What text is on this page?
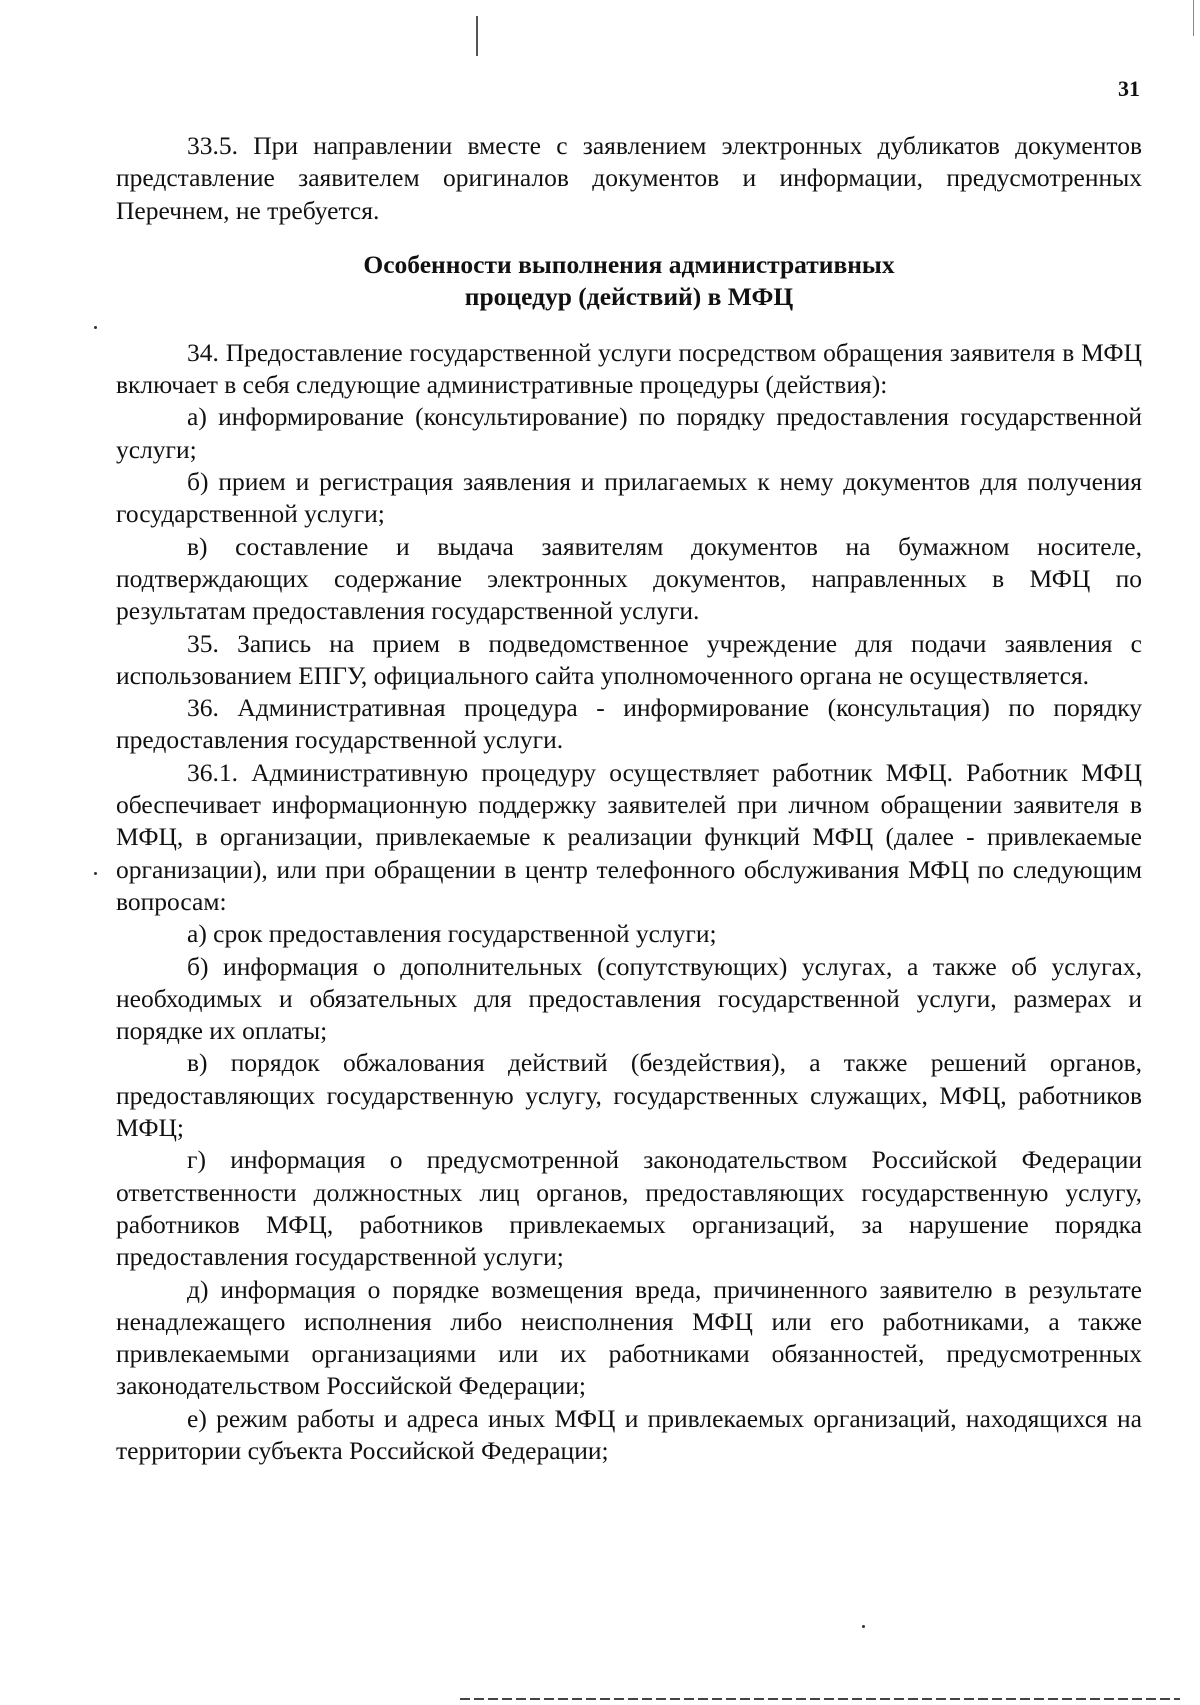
31

33.5. При направлении вместе с заявлением электронных дубликатов документов представление заявителем оригиналов документов и информации, предусмотренных Перечнем, не требуется.

Особенности выполнения административных
процедур (действий) в МФЦ

34. Предоставление государственной услуги посредством обращения заявителя в МФЦ включает в себя следующие административные процедуры (действия):

а) информирование (консультирование) по порядку предоставления государственной услуги;

б) прием и регистрация заявления и прилагаемых к нему документов для получения государственной услуги;

в) составление и выдача заявителям документов на бумажном носителе, подтверждающих содержание электронных документов, направленных в МФЦ по результатам предоставления государственной услуги.

35. Запись на прием в подведомственное учреждение для подачи заявления с использованием ЕПГУ, официального сайта уполномоченного органа не осуществляется.

36. Административная процедура - информирование (консультация) по порядку предоставления государственной услуги.

36.1. Административную процедуру осуществляет работник МФЦ. Работник МФЦ обеспечивает информационную поддержку заявителей при личном обращении заявителя в МФЦ, в организации, привлекаемые к реализации функций МФЦ (далее - привлекаемые организации), или при обращении в центр телефонного обслуживания МФЦ по следующим вопросам:

а) срок предоставления государственной услуги;

б) информация о дополнительных (сопутствующих) услугах, а также об услугах, необходимых и обязательных для предоставления государственной услуги, размерах и порядке их оплаты;

в) порядок обжалования действий (бездействия), а также решений органов, предоставляющих государственную услугу, государственных служащих, МФЦ, работников МФЦ;

г) информация о предусмотренной законодательством Российской Федерации ответственности должностных лиц органов, предоставляющих государственную услугу, работников МФЦ, работников привлекаемых организаций, за нарушение порядка предоставления государственной услуги;

д) информация о порядке возмещения вреда, причиненного заявителю в результате ненадлежащего исполнения либо неисполнения МФЦ или его работниками, а также привлекаемыми организациями или их работниками обязанностей, предусмотренных законодательством Российской Федерации;

е) режим работы и адреса иных МФЦ и привлекаемых организаций, находящихся на территории субъекта Российской Федерации;
